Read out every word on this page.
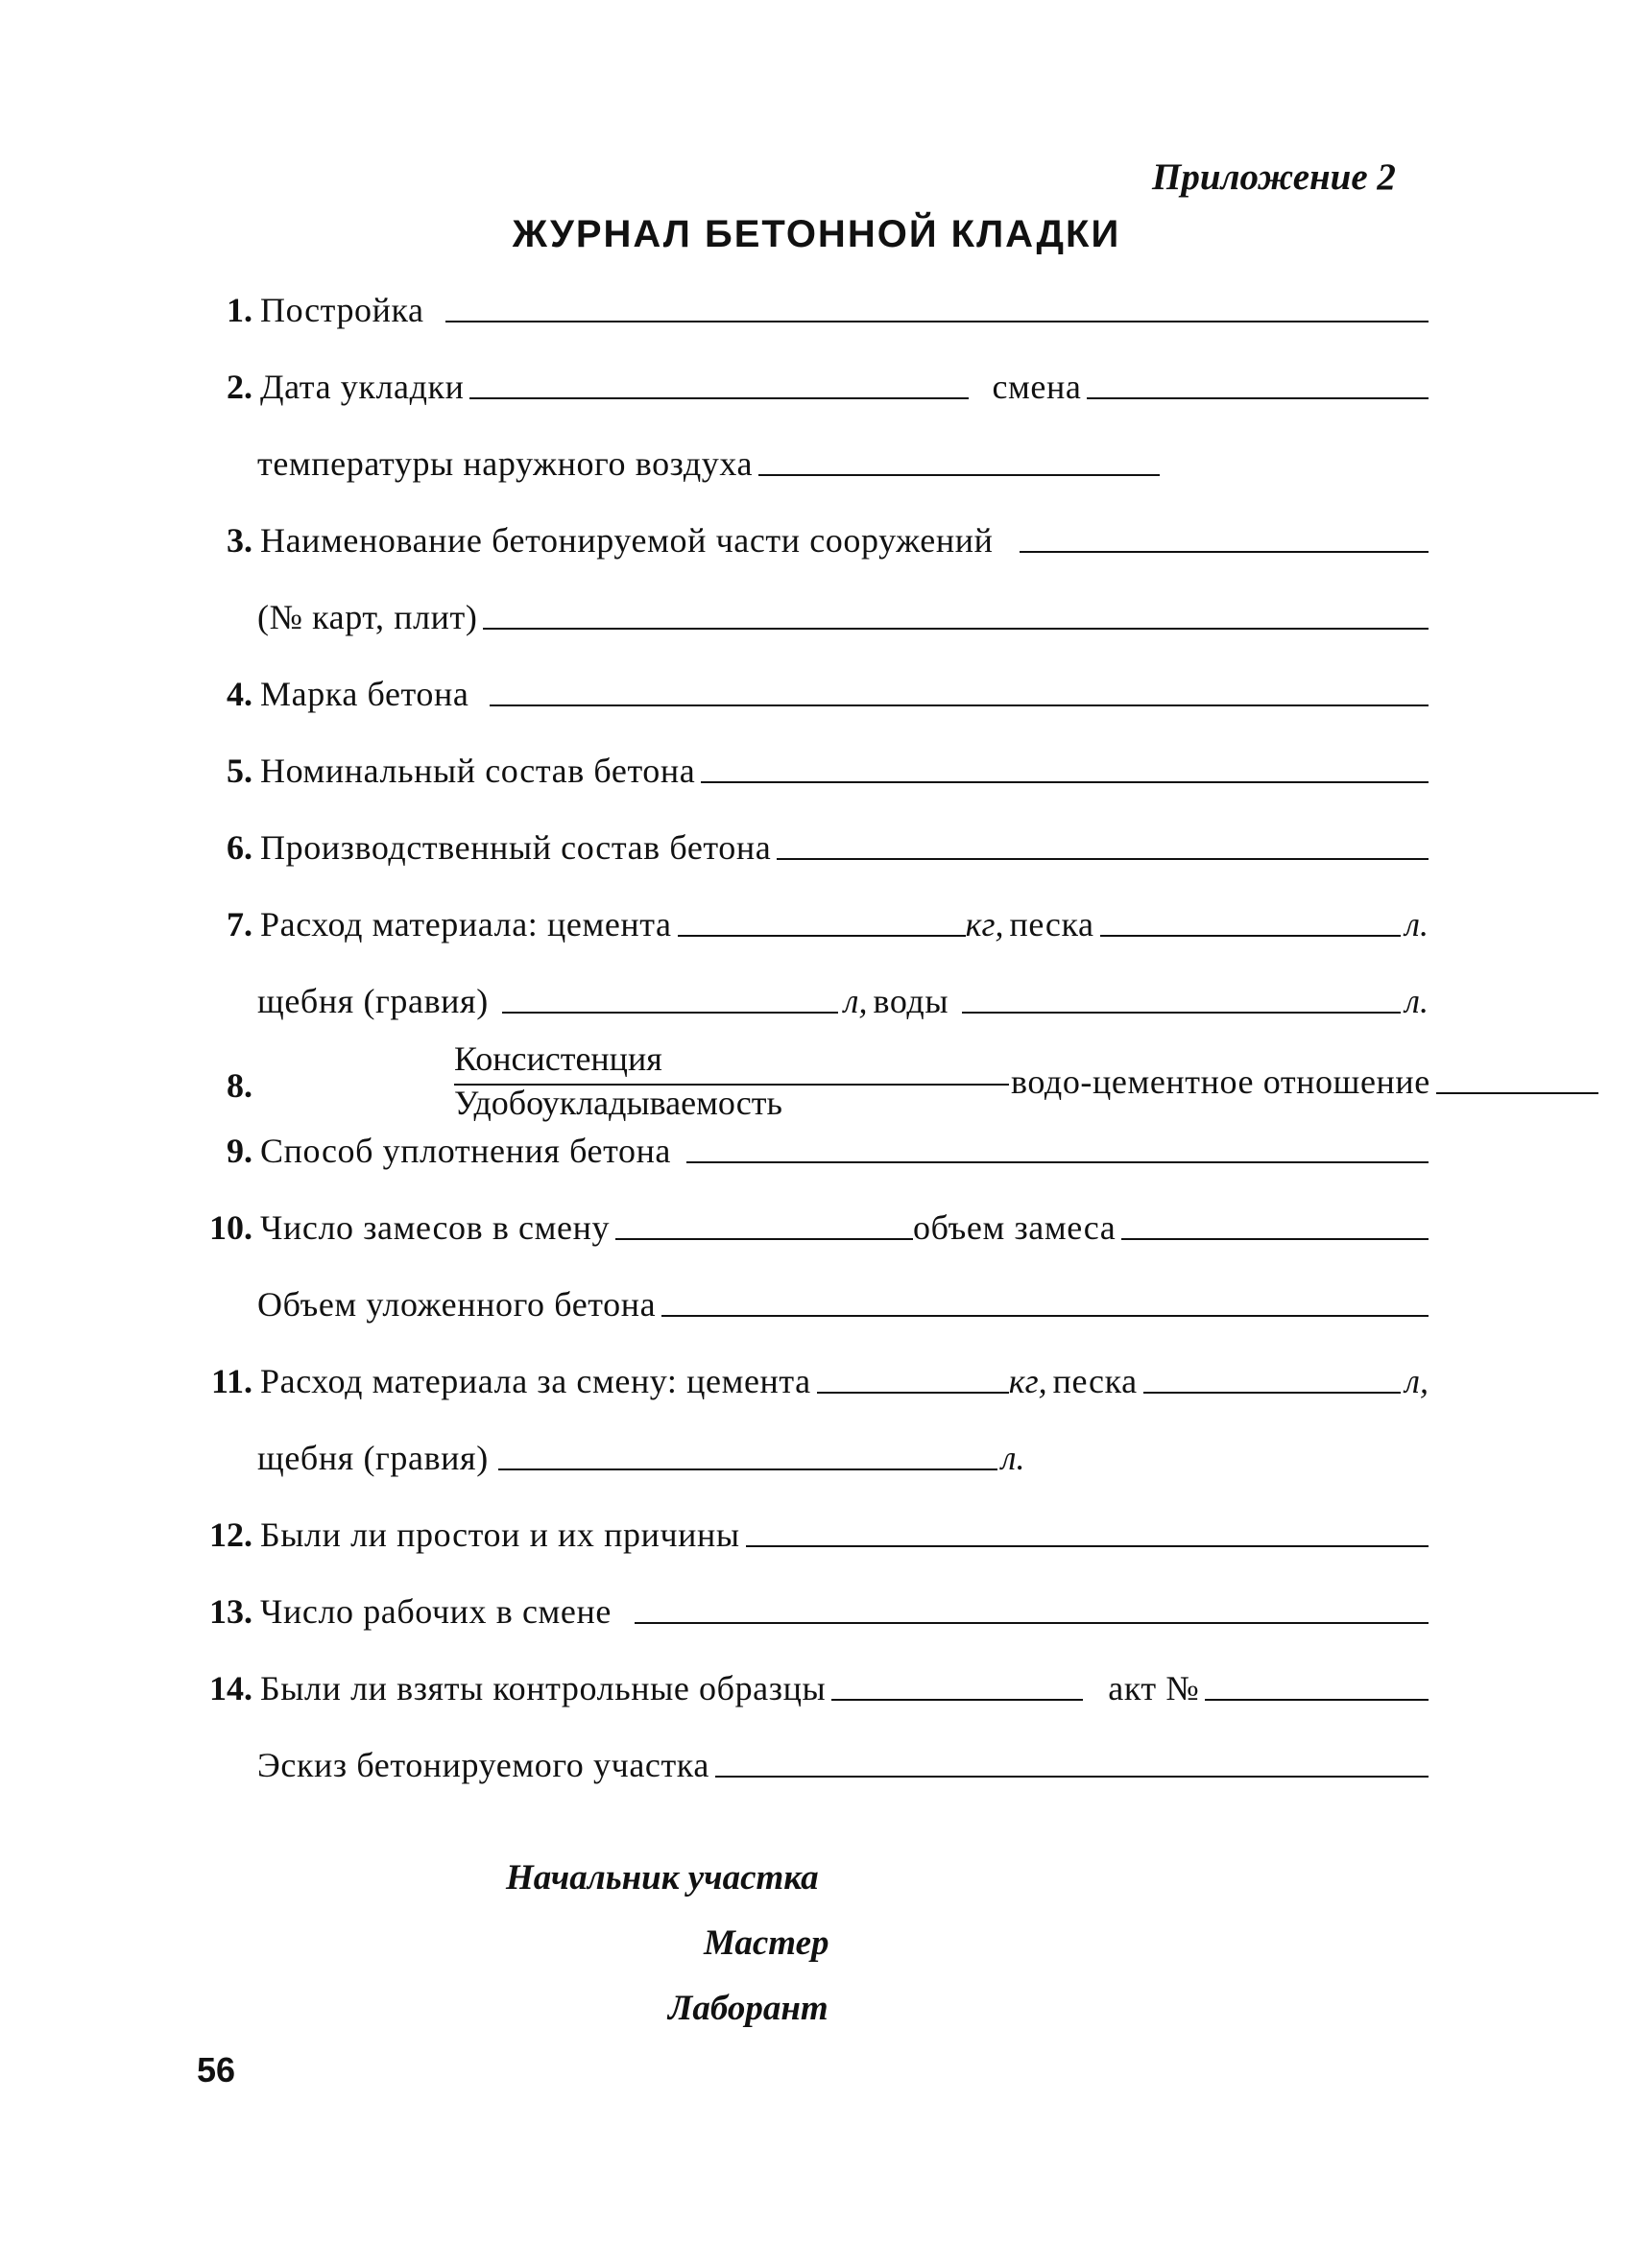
Приложение 2
ЖУРНАЛ БЕТОННОЙ КЛАДКИ
1. Постройка
2. Дата укладки	смена
температуры наружного воздуха
3. Наименование бетонируемой части сооружений
(№ карт, плит)
4. Марка бетона
5. Номинальный состав бетона
6. Производственный состав бетона
7. Расход материала: цемента	кг, песка	л.
щебня (гравия)	л, воды	л.
8.
Консистенция
Удобоукладываемость
водо-цементное отношение
9. Способ уплотнения бетона
10. Число замесов в смену	объем замеса
Объем уложенного бетона
11. Расход материала за смену: цемента	кг, песка	л,
щебня (гравия)	л.
12. Были ли простои и их причины
13. Число рабочих в смене
14. Были ли взяты контрольные образцы	акт №
Эскиз бетонируемого участка
Начальник участка
Мастер
Лаборант
56
